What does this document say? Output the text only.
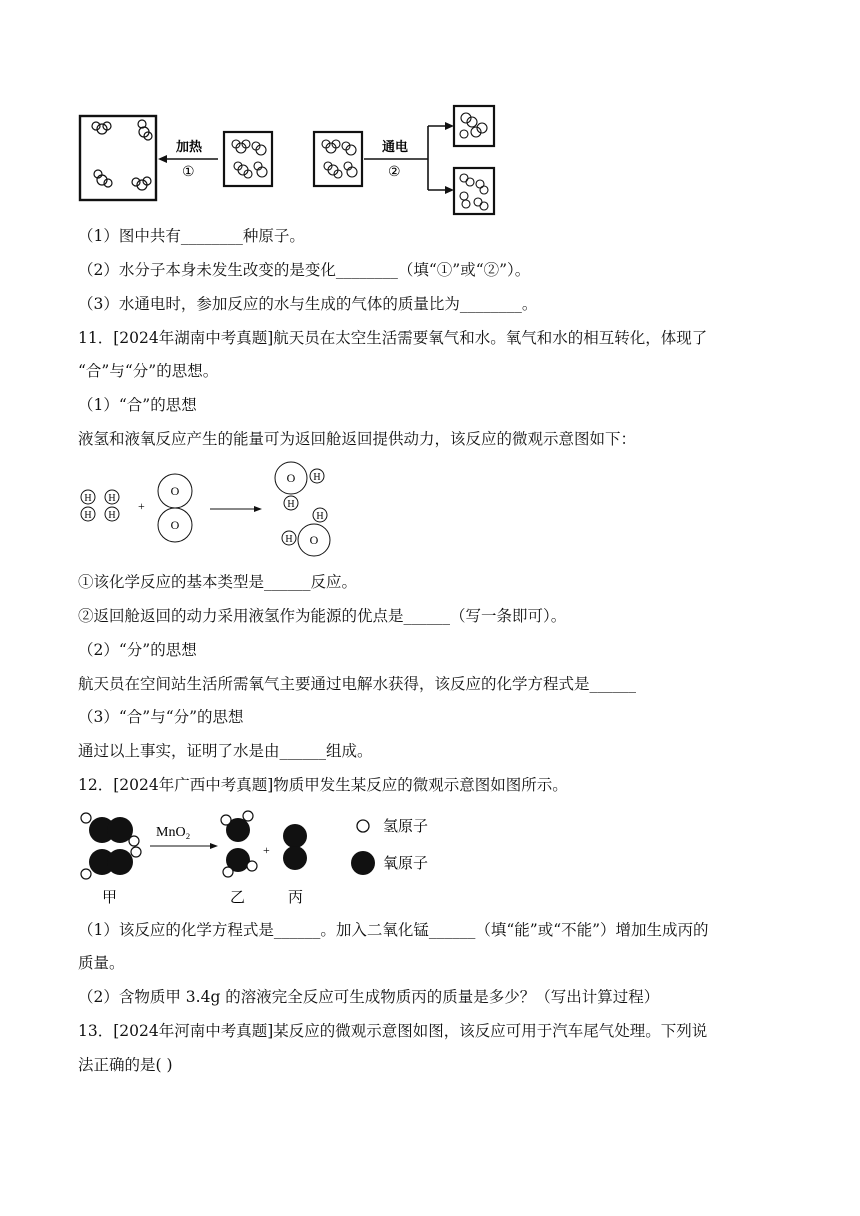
加热
①
通电
②
（1）图中共有________种原子。
（2）水分子本身未发生改变的是变化________（填“①”或“②”）。
（3）水通电时，参加反应的水与生成的气体的质量比为________。
11．[2024年湖南中考真题]航天员在太空生活需要氧气和水。氧气和水的相互转化，体现了
“合”与“分”的思想。
（1）“合”的思想
液氢和液氧反应产生的能量可为返回舱返回提供动力，该反应的微观示意图如下：
H H
H H
+
O
O
O H
H
H
O
H
①该化学反应的基本类型是______反应。
②返回舱返回的动力采用液氢作为能源的优点是______（写一条即可）。
（2）“分”的思想
航天员在空间站生活所需氧气主要通过电解水获得，该反应的化学方程式是______
（3）“合”与“分”的思想
通过以上事实，证明了水是由______组成。
12．[2024年广西中考真题]物质甲发生某反应的微观示意图如图所示。
甲
MnO₂
+
乙	丙
氢原子
氧原子
（1）该反应的化学方程式是______。加入二氧化锰______（填“能”或“不能”）增加生成丙的
质量。
（2）含物质甲 3.4g 的溶液完全反应可生成物质丙的质量是多少？（写出计算过程）
13．[2024年河南中考真题]某反应的微观示意图如图，该反应可用于汽车尾气处理。下列说
法正确的是( )
